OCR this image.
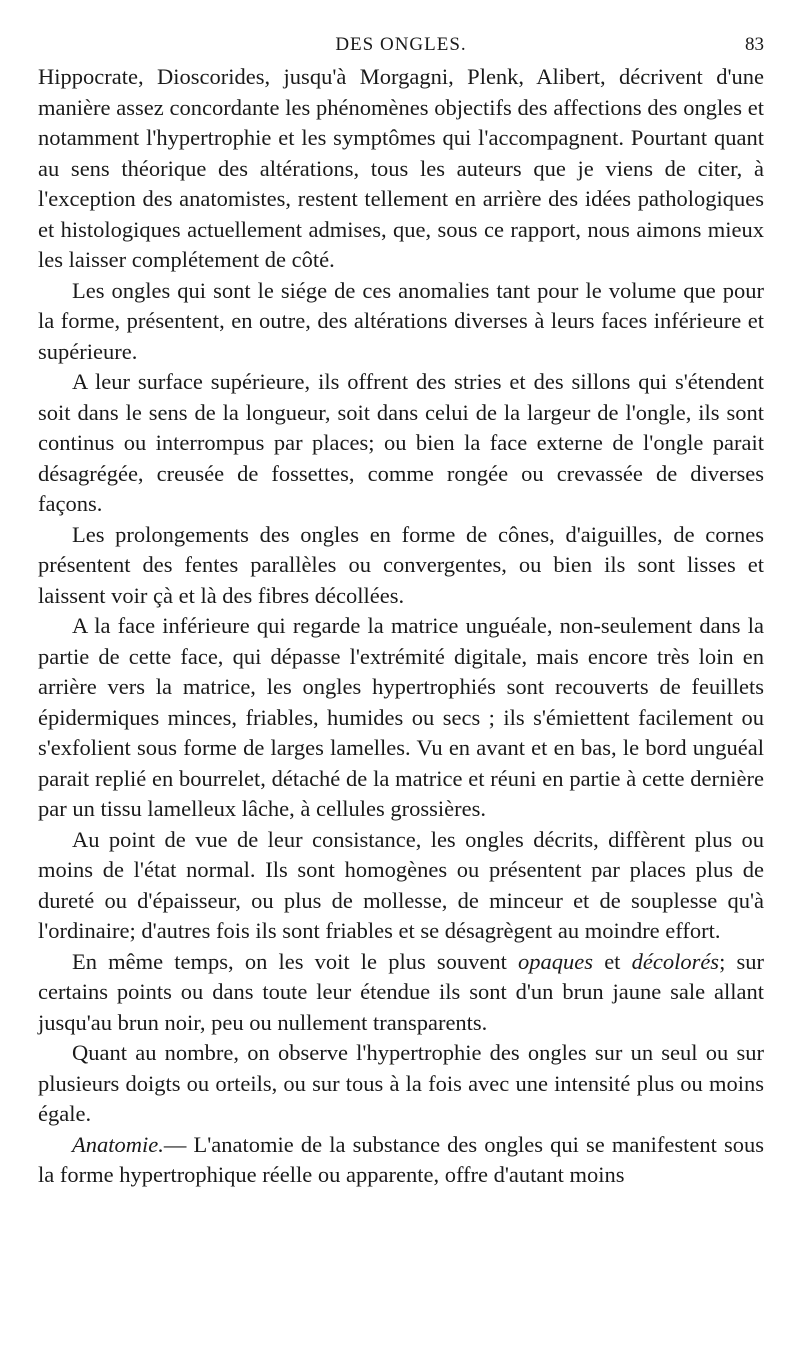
DES ONGLES.	83

Hippocrate, Dioscorides, jusqu'à Morgagni, Plenk, Alibert, décrivent d'une manière assez concordante les phénomènes objectifs des affections des ongles et notamment l'hypertrophie et les symptômes qui l'accompagnent. Pourtant quant au sens théorique des altérations, tous les auteurs que je viens de citer, à l'exception des anatomistes, restent tellement en arrière des idées pathologiques et histologiques actuellement admises, que, sous ce rapport, nous aimons mieux les laisser complétement de côté.

Les ongles qui sont le siége de ces anomalies tant pour le volume que pour la forme, présentent, en outre, des altérations diverses à leurs faces inférieure et supérieure.

A leur surface supérieure, ils offrent des stries et des sillons qui s'étendent soit dans le sens de la longueur, soit dans celui de la largeur de l'ongle, ils sont continus ou interrompus par places; ou bien la face externe de l'ongle parait désagrégée, creusée de fossettes, comme rongée ou crevassée de diverses façons.

Les prolongements des ongles en forme de cônes, d'aiguilles, de cornes présentent des fentes parallèles ou convergentes, ou bien ils sont lisses et laissent voir çà et là des fibres décollées.

A la face inférieure qui regarde la matrice unguéale, non-seulement dans la partie de cette face, qui dépasse l'extrémité digitale, mais encore très loin en arrière vers la matrice, les ongles hypertrophiés sont recouverts de feuillets épidermiques minces, friables, humides ou secs ; ils s'émiettent facilement ou s'exfolient sous forme de larges lamelles. Vu en avant et en bas, le bord unguéal parait replié en bourrelet, détaché de la matrice et réuni en partie à cette dernière par un tissu lamelleux lâche, à cellules grossières.

Au point de vue de leur consistance, les ongles décrits, diffèrent plus ou moins de l'état normal. Ils sont homogènes ou présentent par places plus de dureté ou d'épaisseur, ou plus de mollesse, de minceur et de souplesse qu'à l'ordinaire; d'autres fois ils sont friables et se désagrègent au moindre effort.

En même temps, on les voit le plus souvent opaques et décolorés; sur certains points ou dans toute leur étendue ils sont d'un brun jaune sale allant jusqu'au brun noir, peu ou nullement transparents.

Quant au nombre, on observe l'hypertrophie des ongles sur un seul ou sur plusieurs doigts ou orteils, ou sur tous à la fois avec une intensité plus ou moins égale.

Anatomie.— L'anatomie de la substance des ongles qui se manifestent sous la forme hypertrophique réelle ou apparente, offre d'autant moins
